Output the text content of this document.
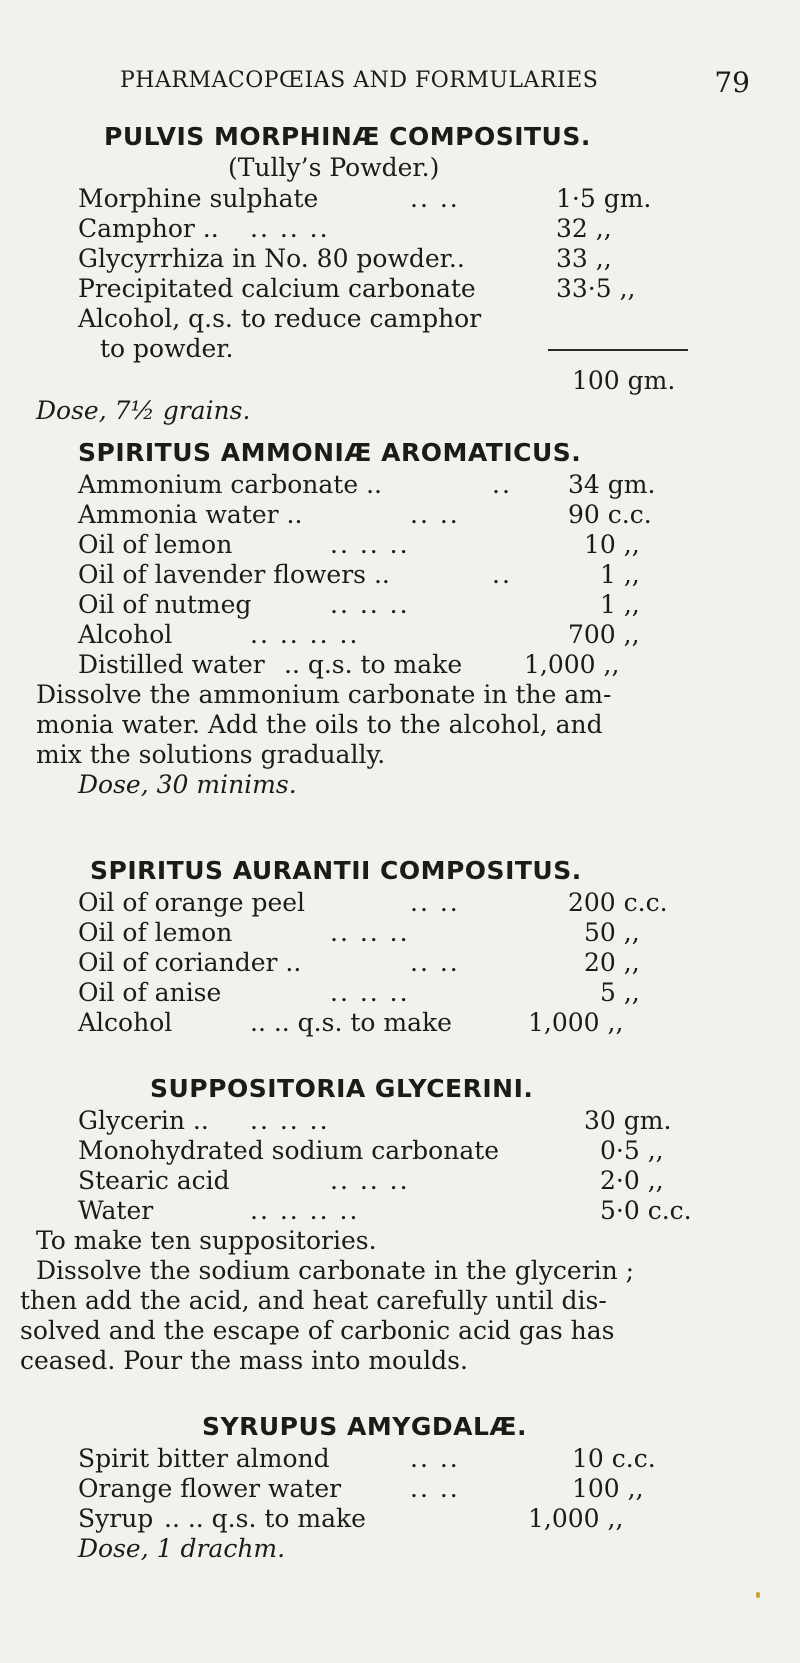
PHARMACOPŒIAS AND FORMULARIES	79
PULVIS MORPHINÆ COMPOSITUS.
(Tully’s Powder.)
Morphine sulphate	.. ..	1·5 gm.
Camphor .. .. .. ..	32 ,,
Glycyrrhiza in No. 80 powder..	33 ,,
Precipitated calcium carbonate	33·5 ,,
Alcohol, q.s. to reduce camphor
to powder.
100 gm.
Dose, 7½ grains.
SPIRITUS AMMONIÆ AROMATICUS.
Ammonium carbonate ..	.. 34 gm.
Ammonia water ..	.. ..	90 c.c.
Oil of lemon	.. .. ..	10 ,,
Oil of lavender flowers ..	..	1 ,,
Oil of nutmeg	.. .. ..	1 ,,
Alcohol	.. .. .. ..	700 ,,
Distilled water .. q.s. to make 1,000 ,,
Dissolve the ammonium carbonate in the am-
monia water. Add the oils to the alcohol, and
mix the solutions gradually.
Dose, 30 minims.
SPIRITUS AURANTII COMPOSITUS.
Oil of orange peel	.. ..	200 c.c.
Oil of lemon	.. .. ..	50 ,,
Oil of coriander ..	.. ..	20 ,,
Oil of anise	.. .. ..	5 ,,
Alcohol	.. .. q.s. to make	1,000 ,,
SUPPOSITORIA GLYCERINI.
Glycerin .. .. .. ..	30 gm.
Monohydrated sodium carbonate	0·5 ,,
Stearic acid	.. .. ..	2·0 ,,
Water	.. .. .. ..	5·0 c.c.
To make ten suppositories.
Dissolve the sodium carbonate in the glycerin ;
then add the acid, and heat carefully until dis-
solved and the escape of carbonic acid gas has
ceased. Pour the mass into moulds.
SYRUPUS AMYGDALÆ.
Spirit bitter almond	.. ..	10 c.c.
Orange flower water	.. ..	100 ,,
Syrup .. .. q.s. to make	1,000 ,,
Dose, 1 drachm.
